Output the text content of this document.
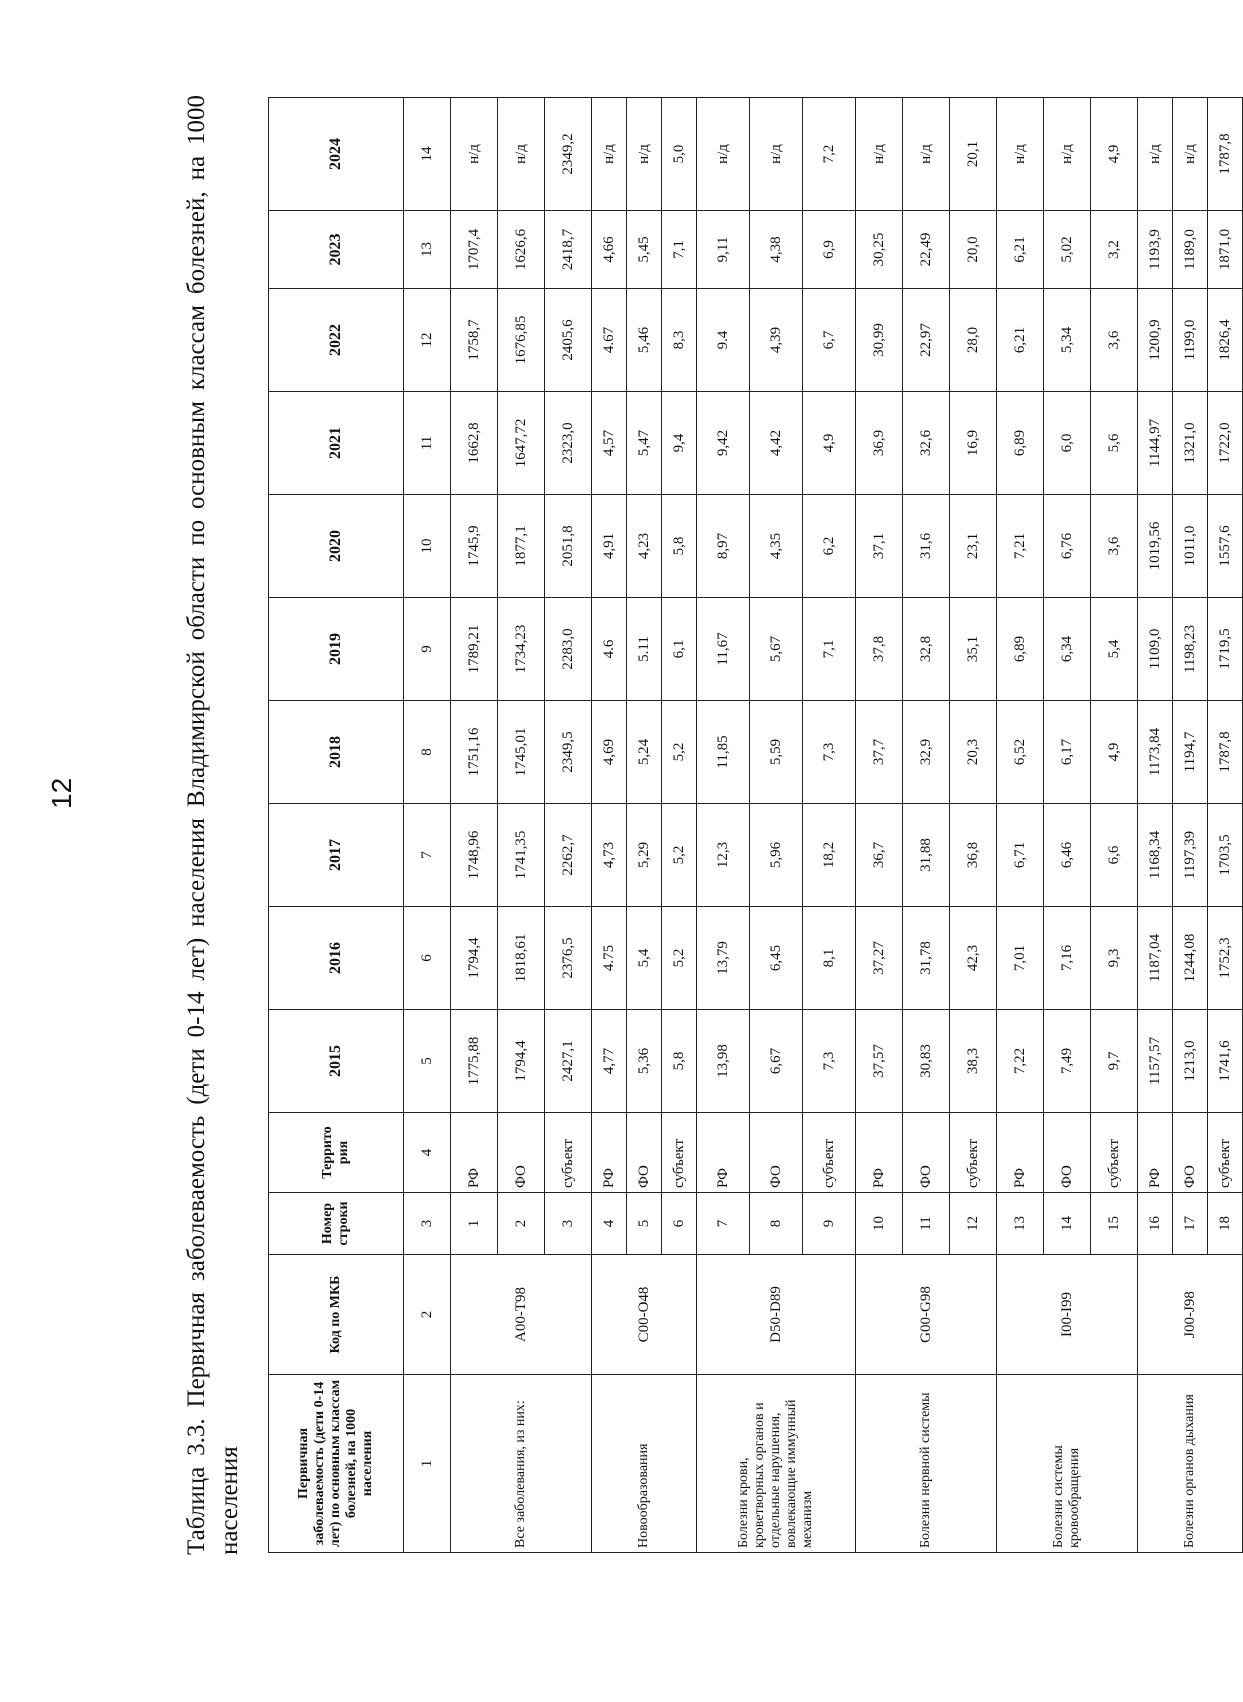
12	Таблица 3.3. Первичная заболеваемость (дети 0-14 лет) населения Владимирской области по основным классам болезней, на 1000 населения	Первичная заболеваемость (дети 0-14 лет) по основным классам болезней, на 1000 населения	Код по МКБ	Номер строки	Террито рия	2015	2016	2017	2018	2019	2020	2021	2022	2023	2024
1	2	3	4	5	6	7	8	9	10	11	12	13	14
Все заболевания, из них:	A00-T98	1	РФ	1775,88	1794,4	1748,96	1751,16	1789,21	1745,9	1662,8	1758,7	1707,4	н/д
		2	ФО	1794,4	1818,61	1741,35	1745,01	1734,23	1877,1	1647,72	1676,85	1626,6	н/д
		3	субъект	2427,1	2376,5	2262,7	2349,5	2283,0	2051,8	2323,0	2405,6	2418,7	2349,2
Новообразования	C00-O48	4	РФ	4,77	4.75	4,73	4,69	4.6	4,91	4,57	4.67	4,66	н/д
		5	ФО	5,36	5,4	5,29	5,24	5.11	4,23	5,47	5,46	5,45	н/д
		6	субъект	5,8	5,2	5,2	5,2	6,1	5,8	9,4	8,3	7,1	5,0
Болезни крови, кроветворных органов и отдельные нарушения, вовлекающие иммунный механизм	D50-D89	7	РФ	13,98	13,79	12,3	11,85	11,67	8,97	9,42	9.4	9,11	н/д
		8	ФО	6,67	6,45	5,96	5,59	5,67	4,35	4,42	4,39	4,38	н/д
		9	субъект	7,3	8,1	18,2	7,3	7,1	6,2	4,9	6,7	6,9	7,2
Болезни нервной системы	G00-G98	10	РФ	37,57	37,27	36,7	37,7	37,8	37,1	36,9	30,99	30,25	н/д
		11	ФО	30,83	31,78	31,88	32,9	32,8	31,6	32,6	22,97	22,49	н/д
		12	субъект	38,3	42,3	36,8	20,3	35,1	23,1	16,9	28,0	20,0	20,1
Болезни системы кровообращения	I00-I99	13	РФ	7,22	7,01	6,71	6,52	6,89	7,21	6,89	6,21	6,21	н/д
		14	ФО	7,49	7,16	6,46	6,17	6,34	6,76	6,0	5,34	5,02	н/д
		15	субъект	9,7	9,3	6,6	4,9	5,4	3,6	5,6	3,6	3,2	4,9
Болезни органов дыхания	J00-J98	16	РФ	1157,57	1187,04	1168,34	1173,84	1109,0	1019,56	1144,97	1200,9	1193,9	н/д
		17	ФО	1213,0	1244,08	1197,39	1194,7	1198,23	1011,0	1321,0	1199,0	1189,0	н/д
		18	субъект	1741,6	1752,3	1703,5	1787,8	1719,5	1557,6	1722,0	1826,4	1871,0	1787,8
